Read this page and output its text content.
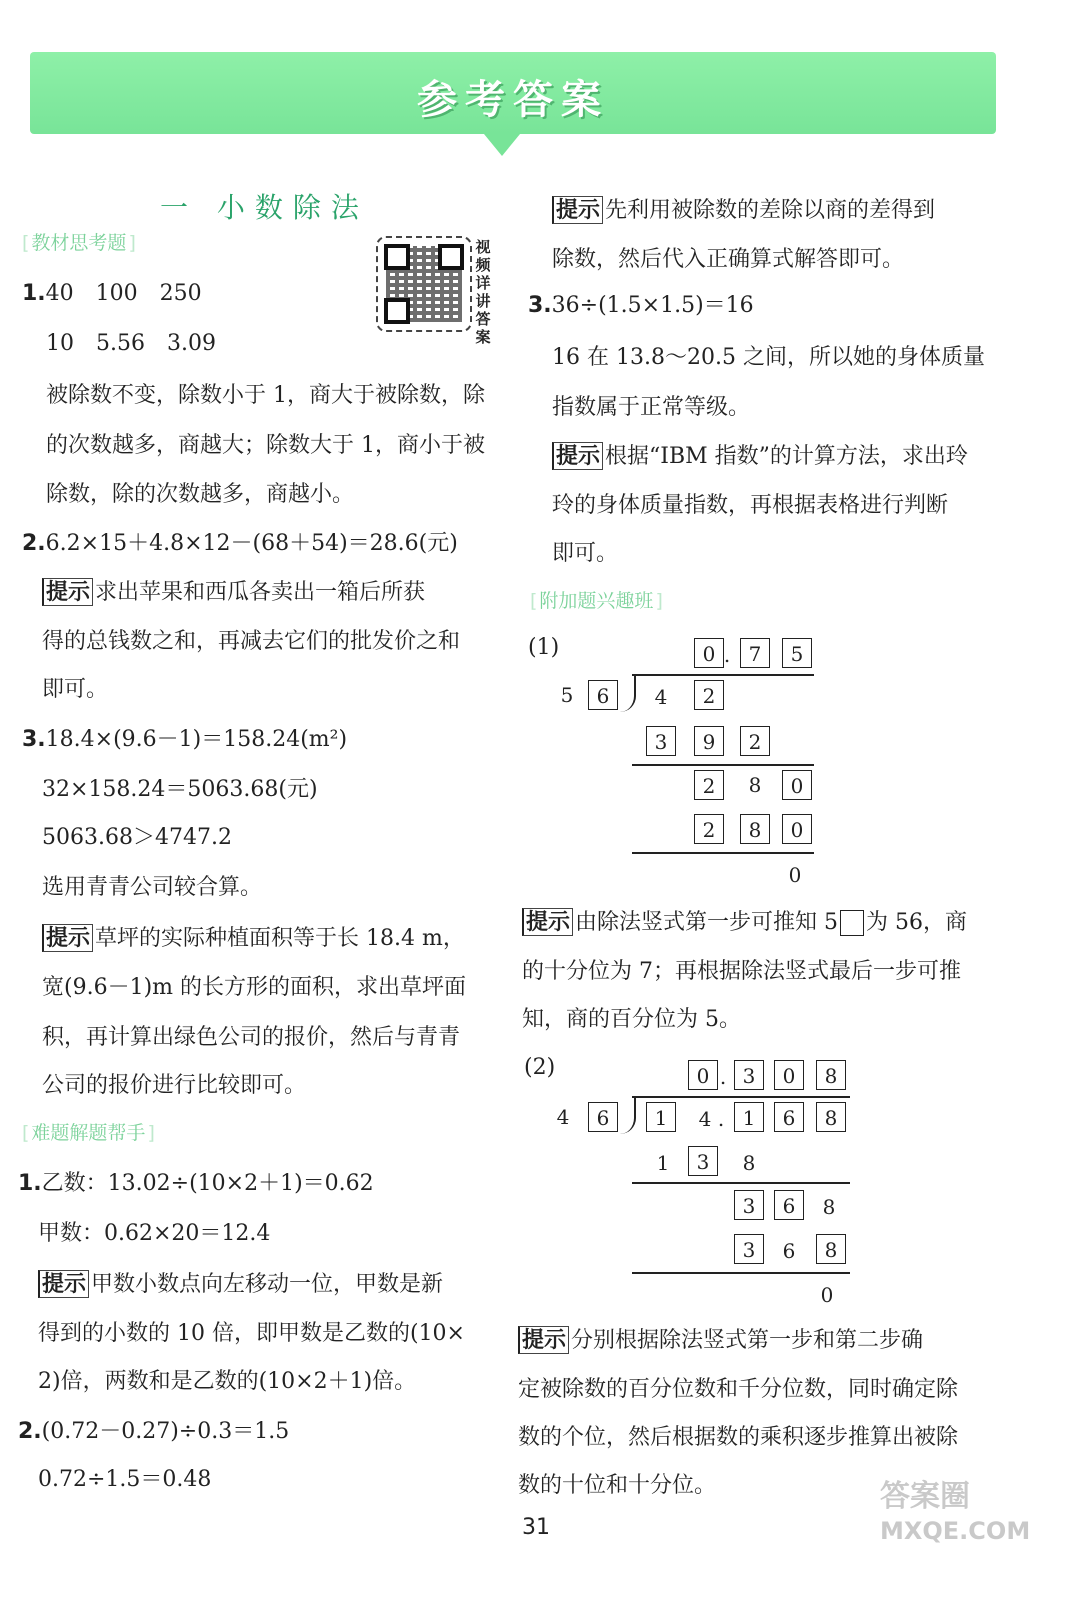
参考答案
一 小数除法
视频详讲答案
[ 教材思考题 ]
1.40　100　250
10　5.56　3.09
被除数不变，除数小于 1，商大于被除数，除
的次数越多，商越大；除数大于 1，商小于被
除数，除的次数越多，商越小。
2.6.2×15＋4.8×12－(68＋54)＝28.6(元)
提示 求出苹果和西瓜各卖出一箱后所获
得的总钱数之和，再减去它们的批发价之和
即可。
3.18.4×(9.6－1)＝158.24(m²)
32×158.24＝5063.68(元)
5063.68＞4747.2
选用青青公司较合算。
提示 草坪的实际种植面积等于长 18.4 m，
宽(9.6－1)m 的长方形的面积，求出草坪面
积，再计算出绿色公司的报价，然后与青青
公司的报价进行比较即可。
[ 难题解题帮手 ]
1.乙数：13.02÷(10×2＋1)＝0.62
甲数：0.62×20＝12.4
提示 甲数小数点向左移动一位，甲数是新
得到的小数的 10 倍，即甲数是乙数的(10×
2)倍，两数和是乙数的(10×2＋1)倍。
2.(0.72－0.27)÷0.3＝1.5
0.72÷1.5＝0.48
提示 先利用被除数的差除以商的差得到
除数，然后代入正确算式解答即可。
3.36÷(1.5×1.5)＝16
16 在 13.8～20.5 之间，所以她的身体质量
指数属于正常等级。
提示 根据“IBM 指数”的计算方法，求出玲
玲的身体质量指数，再根据表格进行判断
即可。
[ 附加题兴趣班 ]
(1)	0 . 7	5
5	6	4	2
3	9	2
2	8	0
2	8	0
0
提示 由除法竖式第一步可推知 5 为 56，商
的十分位为 7；再根据除法竖式最后一步可推
知，商的百分位为 5。
(2)	0 . 3	0	8
4	6	1	4 . 1	6	8
1	3	8
3	6	8
3	6	8
0
提示 分别根据除法竖式第一步和第二步确
定被除数的百分位数和千分位数，同时确定除
数的个位，然后根据数的乘积逐步推算出被除
数的十位和十分位。
31
答案圈
MXQE.COM
